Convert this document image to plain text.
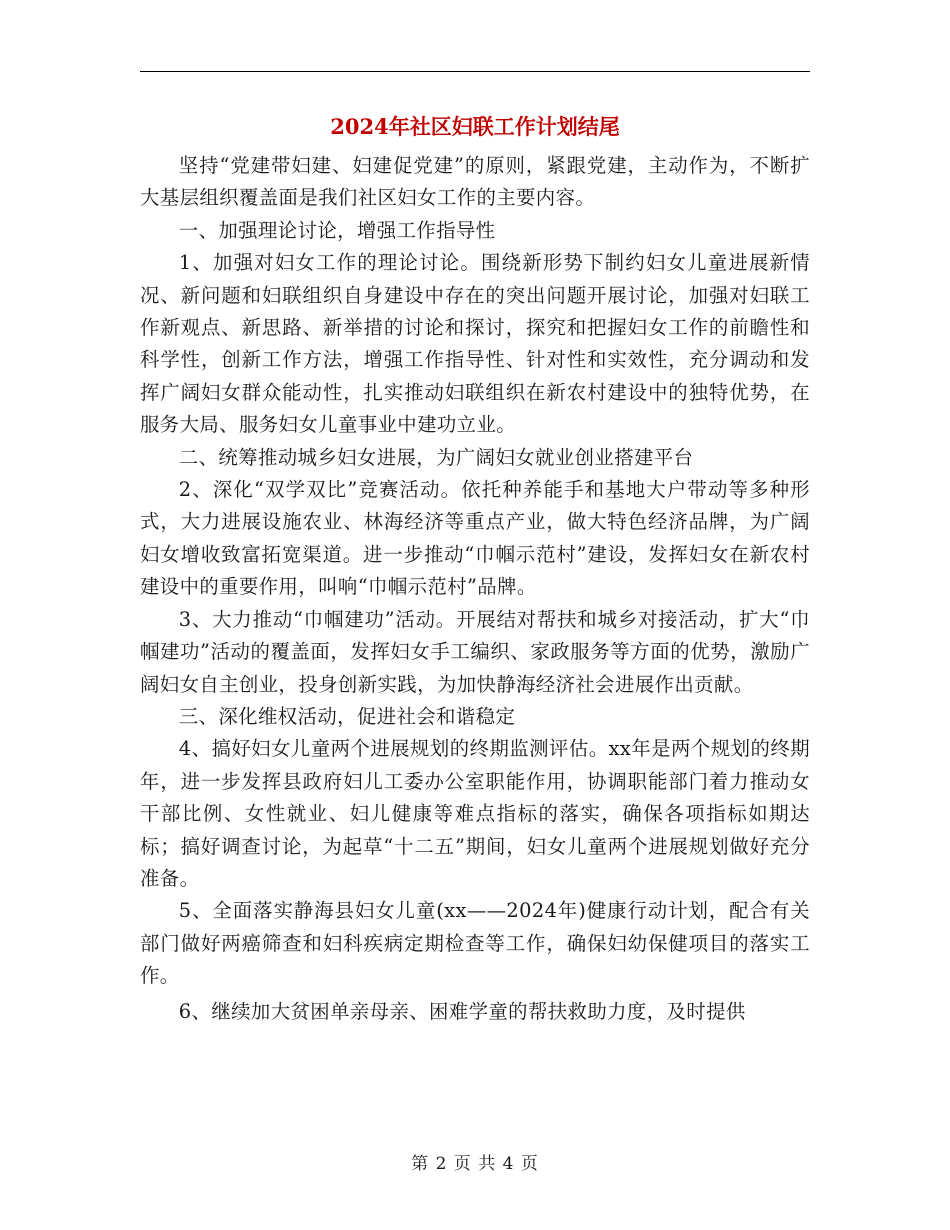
2024年社区妇联工作计划结尾

坚持“党建带妇建、妇建促党建”的原则，紧跟党建，主动作为，不断扩大基层组织覆盖面是我们社区妇女工作的主要内容。

一、加强理论讨论，增强工作指导性

1、加强对妇女工作的理论讨论。围绕新形势下制约妇女儿童进展新情况、新问题和妇联组织自身建设中存在的突出问题开展讨论，加强对妇联工作新观点、新思路、新举措的讨论和探讨，探究和把握妇女工作的前瞻性和科学性，创新工作方法，增强工作指导性、针对性和实效性，充分调动和发挥广阔妇女群众能动性，扎实推动妇联组织在新农村建设中的独特优势，在服务大局、服务妇女儿童事业中建功立业。

二、统筹推动城乡妇女进展，为广阔妇女就业创业搭建平台

2、深化“双学双比”竞赛活动。依托种养能手和基地大户带动等多种形式，大力进展设施农业、林海经济等重点产业，做大特色经济品牌，为广阔妇女增收致富拓宽渠道。进一步推动“巾帼示范村”建设，发挥妇女在新农村建设中的重要作用，叫响“巾帼示范村”品牌。

3、大力推动“巾帼建功”活动。开展结对帮扶和城乡对接活动，扩大“巾帼建功”活动的覆盖面，发挥妇女手工编织、家政服务等方面的优势，激励广阔妇女自主创业，投身创新实践，为加快静海经济社会进展作出贡献。

三、深化维权活动，促进社会和谐稳定

4、搞好妇女儿童两个进展规划的终期监测评估。xx年是两个规划的终期年，进一步发挥县政府妇儿工委办公室职能作用，协调职能部门着力推动女干部比例、女性就业、妇儿健康等难点指标的落实，确保各项指标如期达标；搞好调查讨论，为起草“十二五”期间，妇女儿童两个进展规划做好充分准备。

5、全面落实静海县妇女儿童(xx——2024年)健康行动计划，配合有关部门做好两癌筛查和妇科疾病定期检查等工作，确保妇幼保健项目的落实工作。

6、继续加大贫困单亲母亲、困难学童的帮扶救助力度，及时提供

第 2 页 共 4 页
